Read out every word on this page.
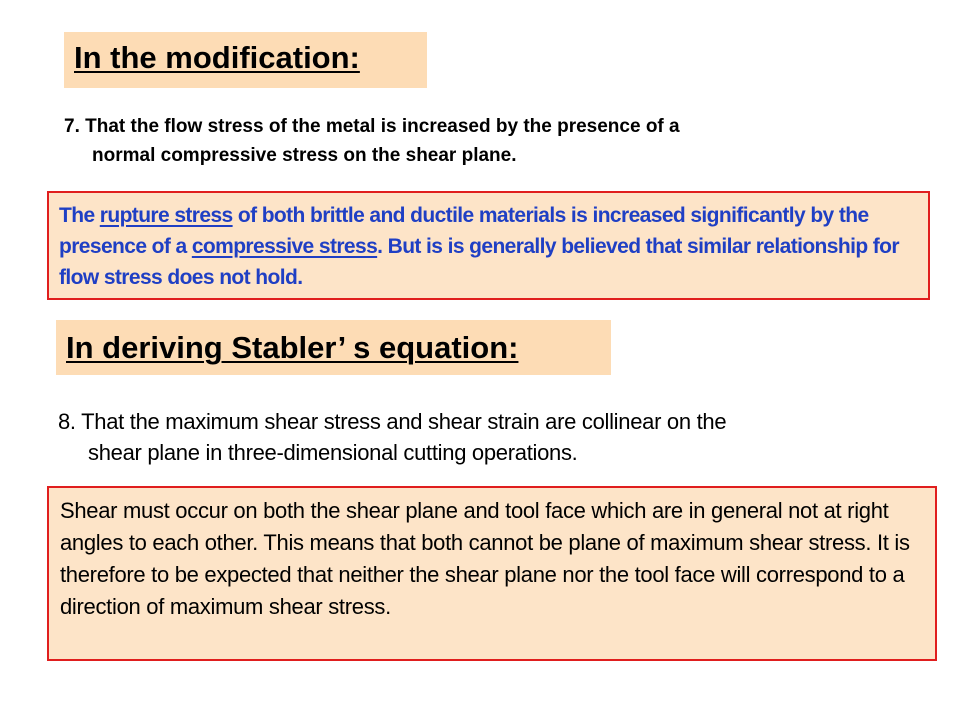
In the modification:
7. That the flow stress of the metal is increased by the presence of a
normal compressive stress on the shear plane.
The rupture stress of both brittle and ductile materials is increased significantly by the presence of a compressive stress. But is is generally believed that similar relationship for flow stress does not hold.
In deriving Stabler’ s equation:
8. That the maximum shear stress and shear strain are collinear on the
shear plane in three-dimensional cutting operations.
Shear must occur on both the shear plane and tool face which are in general not at right angles to each other. This means that both cannot be plane of maximum shear stress. It is therefore to be expected that neither the shear plane nor the tool face will correspond to a direction of maximum shear stress.
